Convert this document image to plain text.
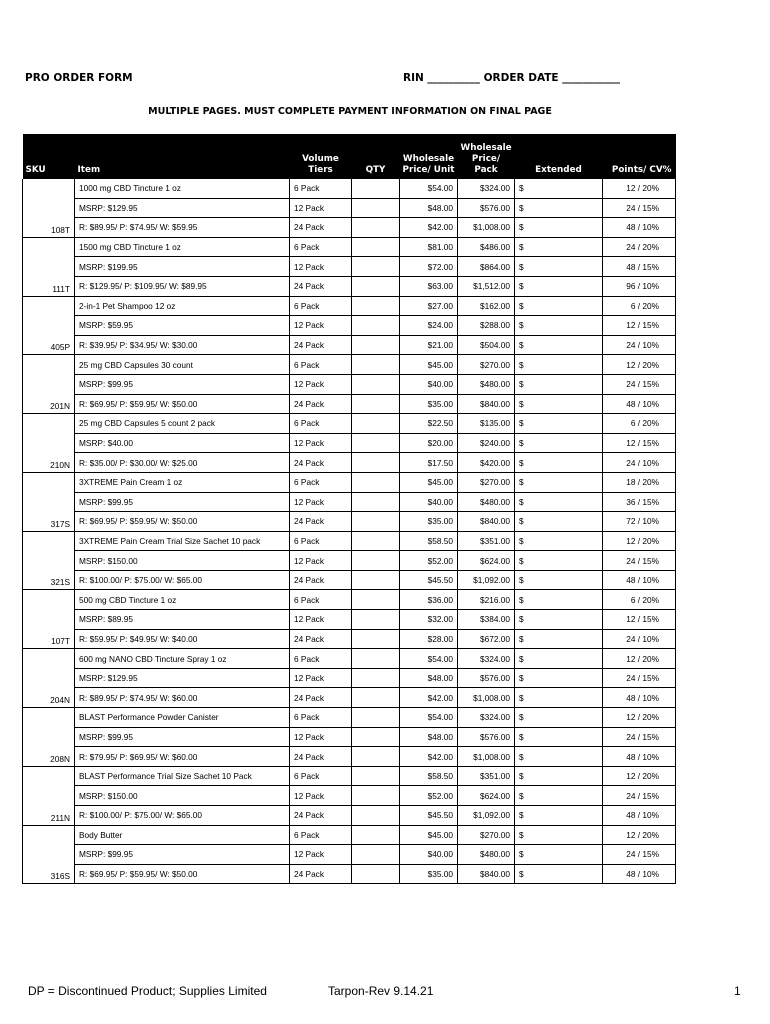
PRO ORDER FORM	RIN __________ ORDER DATE ___________
MULTIPLE PAGES. MUST COMPLETE PAYMENT INFORMATION ON FINAL PAGE
SKU	Item	Volume Tiers	QTY	Wholesale Price/ Unit	Wholesale Price/ Pack	Extended	Points/ CV%
108T	1000 mg CBD Tincture 1 oz	6 Pack		$54.00	$324.00	$	12 / 20%
	MSRP: $129.95	12 Pack		$48.00	$576.00	$	24 / 15%
	R: $89.95/ P: $74.95/ W: $59.95	24 Pack		$42.00	$1,008.00	$	48 / 10%
111T	1500 mg CBD Tincture 1 oz	6 Pack		$81.00	$486.00	$	24 / 20%
	MSRP: $199.95	12 Pack		$72.00	$864.00	$	48 / 15%
	R: $129.95/ P: $109.95/ W: $89.95	24 Pack		$63.00	$1,512.00	$	96 / 10%
405P	2-in-1 Pet Shampoo 12 oz	6 Pack		$27.00	$162.00	$	6 / 20%
	MSRP: $59.95	12 Pack		$24.00	$288.00	$	12 / 15%
	R: $39.95/ P: $34.95/ W: $30.00	24 Pack		$21.00	$504.00	$	24 / 10%
201N	25 mg CBD Capsules 30 count	6 Pack		$45.00	$270.00	$	12 / 20%
	MSRP: $99.95	12 Pack		$40.00	$480.00	$	24 / 15%
	R: $69.95/ P: $59.95/ W: $50.00	24 Pack		$35.00	$840.00	$	48 / 10%
210N	25 mg CBD Capsules 5 count 2 pack	6 Pack		$22.50	$135.00	$	6 / 20%
	MSRP: $40.00	12 Pack		$20.00	$240.00	$	12 / 15%
	R: $35.00/ P: $30.00/ W: $25.00	24 Pack		$17.50	$420.00	$	24 / 10%
317S	3XTREME Pain Cream 1 oz	6 Pack		$45.00	$270.00	$	18 / 20%
	MSRP: $99.95	12 Pack		$40.00	$480.00	$	36 / 15%
	R: $69.95/ P: $59.95/ W: $50.00	24 Pack		$35.00	$840.00	$	72 / 10%
321S	3XTREME Pain Cream Trial Size Sachet 10 pack	6 Pack		$58.50	$351.00	$	12 / 20%
	MSRP: $150.00	12 Pack		$52.00	$624.00	$	24 / 15%
	R: $100.00/ P: $75.00/ W: $65.00	24 Pack		$45.50	$1,092.00	$	48 / 10%
107T	500 mg CBD Tincture 1 oz	6 Pack		$36.00	$216.00	$	6 / 20%
	MSRP: $89.95	12 Pack		$32.00	$384.00	$	12 / 15%
	R: $59.95/ P: $49.95/ W: $40.00	24 Pack		$28.00	$672.00	$	24 / 10%
204N	600 mg NANO CBD Tincture Spray 1 oz	6 Pack		$54.00	$324.00	$	12 / 20%
	MSRP: $129.95	12 Pack		$48.00	$576.00	$	24 / 15%
	R: $89.95/ P: $74.95/ W: $60.00	24 Pack		$42.00	$1,008.00	$	48 / 10%
208N	BLAST Performance Powder Canister	6 Pack		$54.00	$324.00	$	12 / 20%
	MSRP: $99.95	12 Pack		$48.00	$576.00	$	24 / 15%
	R: $79.95/ P: $69.95/ W: $60.00	24 Pack		$42.00	$1,008.00	$	48 / 10%
211N	BLAST Performance Trial Size Sachet 10 Pack	6 Pack		$58.50	$351.00	$	12 / 20%
	MSRP: $150.00	12 Pack		$52.00	$624.00	$	24 / 15%
	R: $100.00/ P: $75.00/ W: $65.00	24 Pack		$45.50	$1,092.00	$	48 / 10%
316S	Body Butter	6 Pack		$45.00	$270.00	$	12 / 20%
	MSRP: $99.95	12 Pack		$40.00	$480.00	$	24 / 15%
	R: $69.95/ P: $59.95/ W: $50.00	24 Pack		$35.00	$840.00	$	48 / 10%
DP = Discontinued Product; Supplies Limited	Tarpon-Rev 9.14.21	1
